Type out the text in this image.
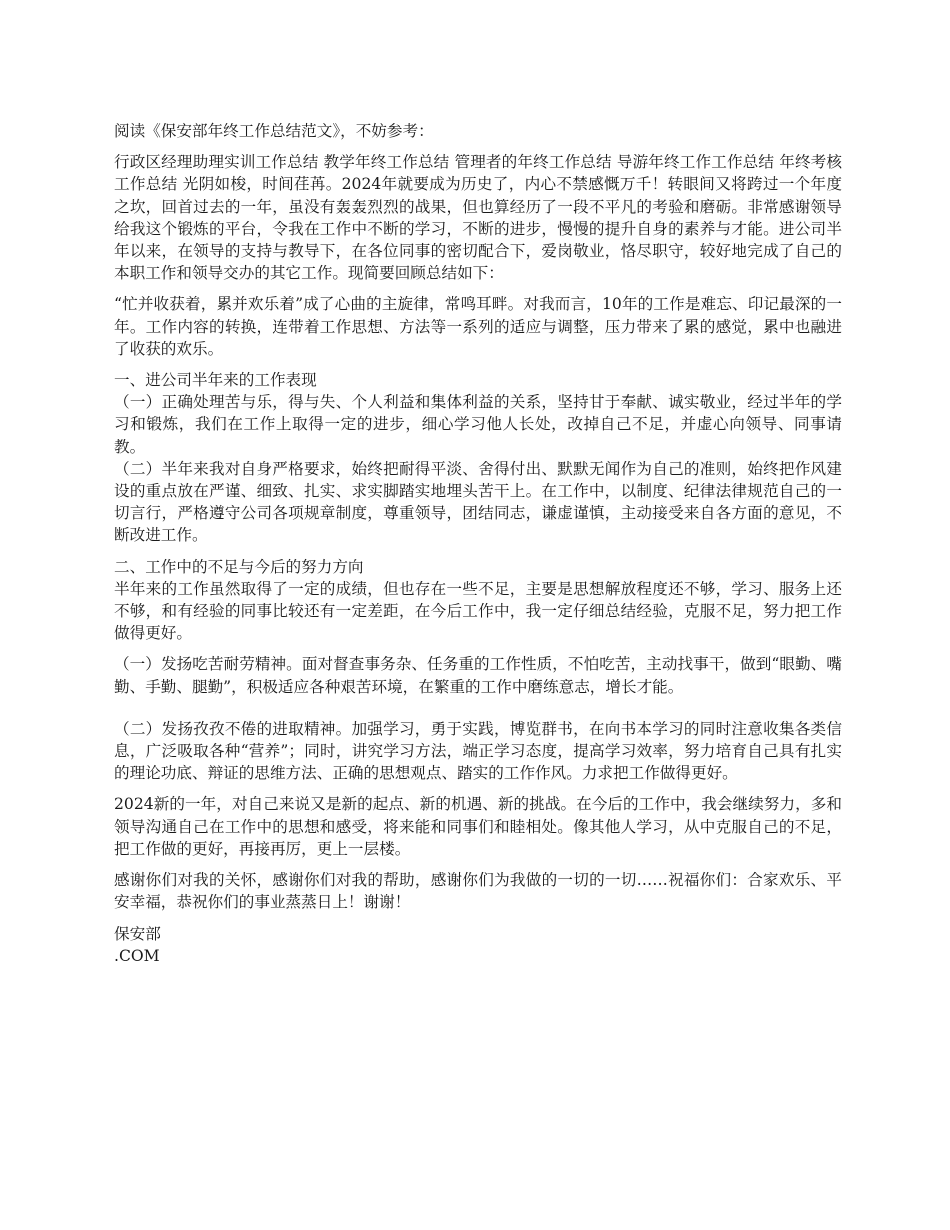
阅读《保安部年终工作总结范文》，不妨参考：

行政区经理助理实训工作总结 教学年终工作总结 管理者的年终工作总结 导游年终工作工作总结 年终考核工作总结 光阴如梭，时间荏苒。2024年就要成为历史了，内心不禁感慨万千！转眼间又将跨过一个年度之坎，回首过去的一年，虽没有轰轰烈烈的战果，但也算经历了一段不平凡的考验和磨砺。非常感谢领导给我这个锻炼的平台，令我在工作中不断的学习，不断的进步，慢慢的提升自身的素养与才能。进公司半年以来，在领导的支持与教导下，在各位同事的密切配合下，爱岗敬业，恪尽职守，较好地完成了自己的本职工作和领导交办的其它工作。现简要回顾总结如下：

“忙并收获着，累并欢乐着”成了心曲的主旋律，常鸣耳畔。对我而言，10年的工作是难忘、印记最深的一年。工作内容的转换，连带着工作思想、方法等一系列的适应与调整，压力带来了累的感觉，累中也融进了收获的欢乐。

一、进公司半年来的工作表现

（一）正确处理苦与乐，得与失、个人利益和集体利益的关系，坚持甘于奉献、诚实敬业，经过半年的学习和锻炼，我们在工作上取得一定的进步，细心学习他人长处，改掉自己不足，并虚心向领导、同事请教。

（二）半年来我对自身严格要求，始终把耐得平淡、舍得付出、默默无闻作为自己的准则，始终把作风建设的重点放在严谨、细致、扎实、求实脚踏实地埋头苦干上。在工作中，以制度、纪律法律规范自己的一切言行，严格遵守公司各项规章制度，尊重领导，团结同志，谦虚谨慎，主动接受来自各方面的意见，不断改进工作。

二、工作中的不足与今后的努力方向

半年来的工作虽然取得了一定的成绩，但也存在一些不足，主要是思想解放程度还不够，学习、服务上还不够，和有经验的同事比较还有一定差距，在今后工作中，我一定仔细总结经验，克服不足，努力把工作做得更好。

（一）发扬吃苦耐劳精神。面对督查事务杂、任务重的工作性质，不怕吃苦，主动找事干，做到“眼勤、嘴勤、手勤、腿勤”，积极适应各种艰苦环境，在繁重的工作中磨练意志，增长才能。

（二）发扬孜孜不倦的进取精神。加强学习，勇于实践，博览群书，在向书本学习的同时注意收集各类信息，广泛吸取各种“营养”；同时，讲究学习方法，端正学习态度，提高学习效率，努力培育自己具有扎实的理论功底、辩证的思维方法、正确的思想观点、踏实的工作作风。力求把工作做得更好。

2024新的一年，对自己来说又是新的起点、新的机遇、新的挑战。在今后的工作中，我会继续努力，多和领导沟通自己在工作中的思想和感受，将来能和同事们和睦相处。像其他人学习，从中克服自己的不足，把工作做的更好，再接再厉，更上一层楼。

感谢你们对我的关怀，感谢你们对我的帮助，感谢你们为我做的一切的一切……祝福你们：合家欢乐、平安幸福，恭祝你们的事业蒸蒸日上！谢谢！

保安部

.COM
